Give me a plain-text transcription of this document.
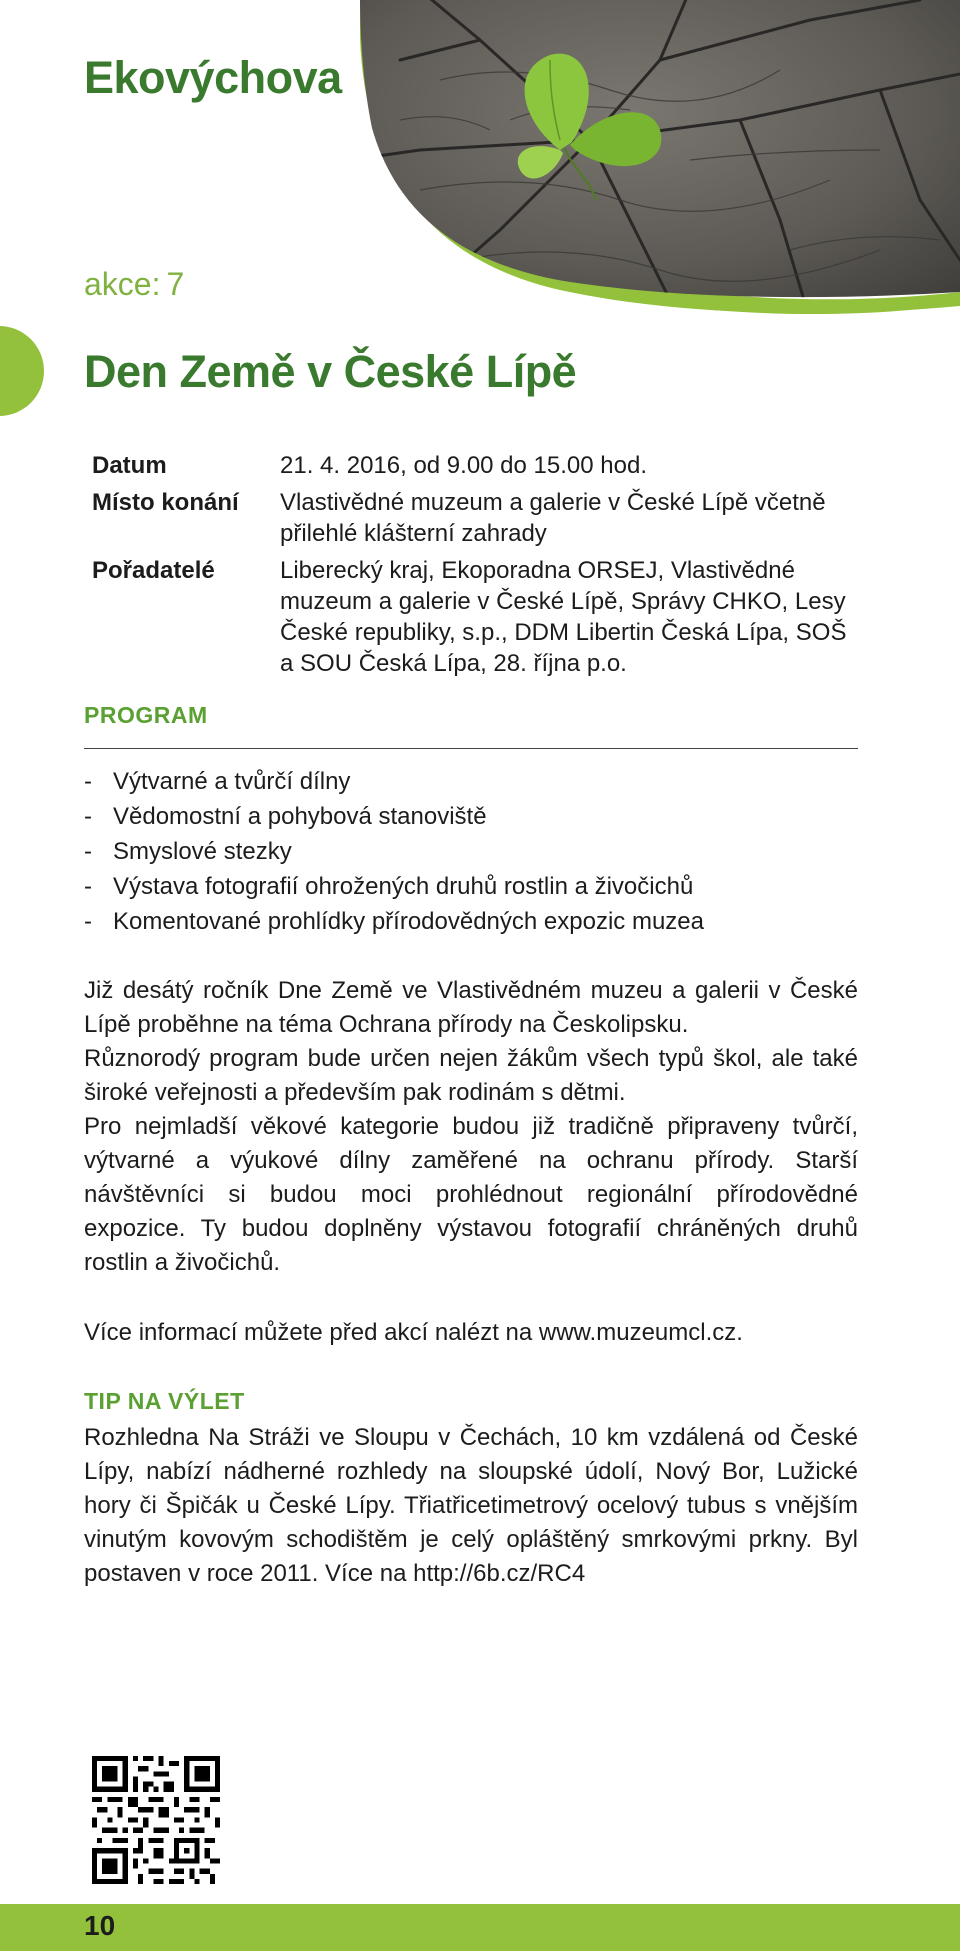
Ekovýchova
akce: 7
Den Země v České Lípě
Datum	21. 4. 2016, od 9.00 do 15.00 hod.
Místo konání	Vlastivědné muzeum a galerie v České Lípě včetně přilehlé klášterní zahrady
Pořadatelé	Liberecký kraj, Ekoporadna ORSEJ, Vlastivědné muzeum a galerie v České Lípě, Správy CHKO, Lesy České republiky, s.p., DDM Libertin Česká Lípa, SOŠ a SOU Česká Lípa, 28. října p.o.
PROGRAM
- Výtvarné a tvůrčí dílny
- Vědomostní a pohybová stanoviště
- Smyslové stezky
- Výstava fotografií ohrožených druhů rostlin a živočichů
- Komentované prohlídky přírodovědných expozic muzea

Již desátý ročník Dne Země ve Vlastivědném muzeu a galerii v České Lípě proběhne na téma Ochrana přírody na Českolipsku.

Různorodý program bude určen nejen žákům všech typů škol, ale také široké veřejnosti a především pak rodinám s dětmi.

Pro nejmladší věkové kategorie budou již tradičně připraveny tvůrčí, výtvarné a výukové dílny zaměřené na ochranu přírody. Starší návštěvníci si budou moci prohlédnout regionální přírodovědné expozice. Ty budou doplněny výstavou fotografií chráněných druhů rostlin a živočichů.

Více informací můžete před akcí nalézt na www.muzeumcl.cz.
TIP NA VÝLET

Rozhledna Na Stráži ve Sloupu v Čechách, 10 km vzdálená od České Lípy, nabízí nádherné rozhledy na sloupské údolí, Nový Bor, Lužické hory či Špičák u České Lípy. Třiatřicetimetrový ocelový tubus s vnějším vinutým kovovým schodištěm je celý opláštěný smrkovými prkny. Byl postaven v roce 2011. Více na http://6b.cz/RC4

10
